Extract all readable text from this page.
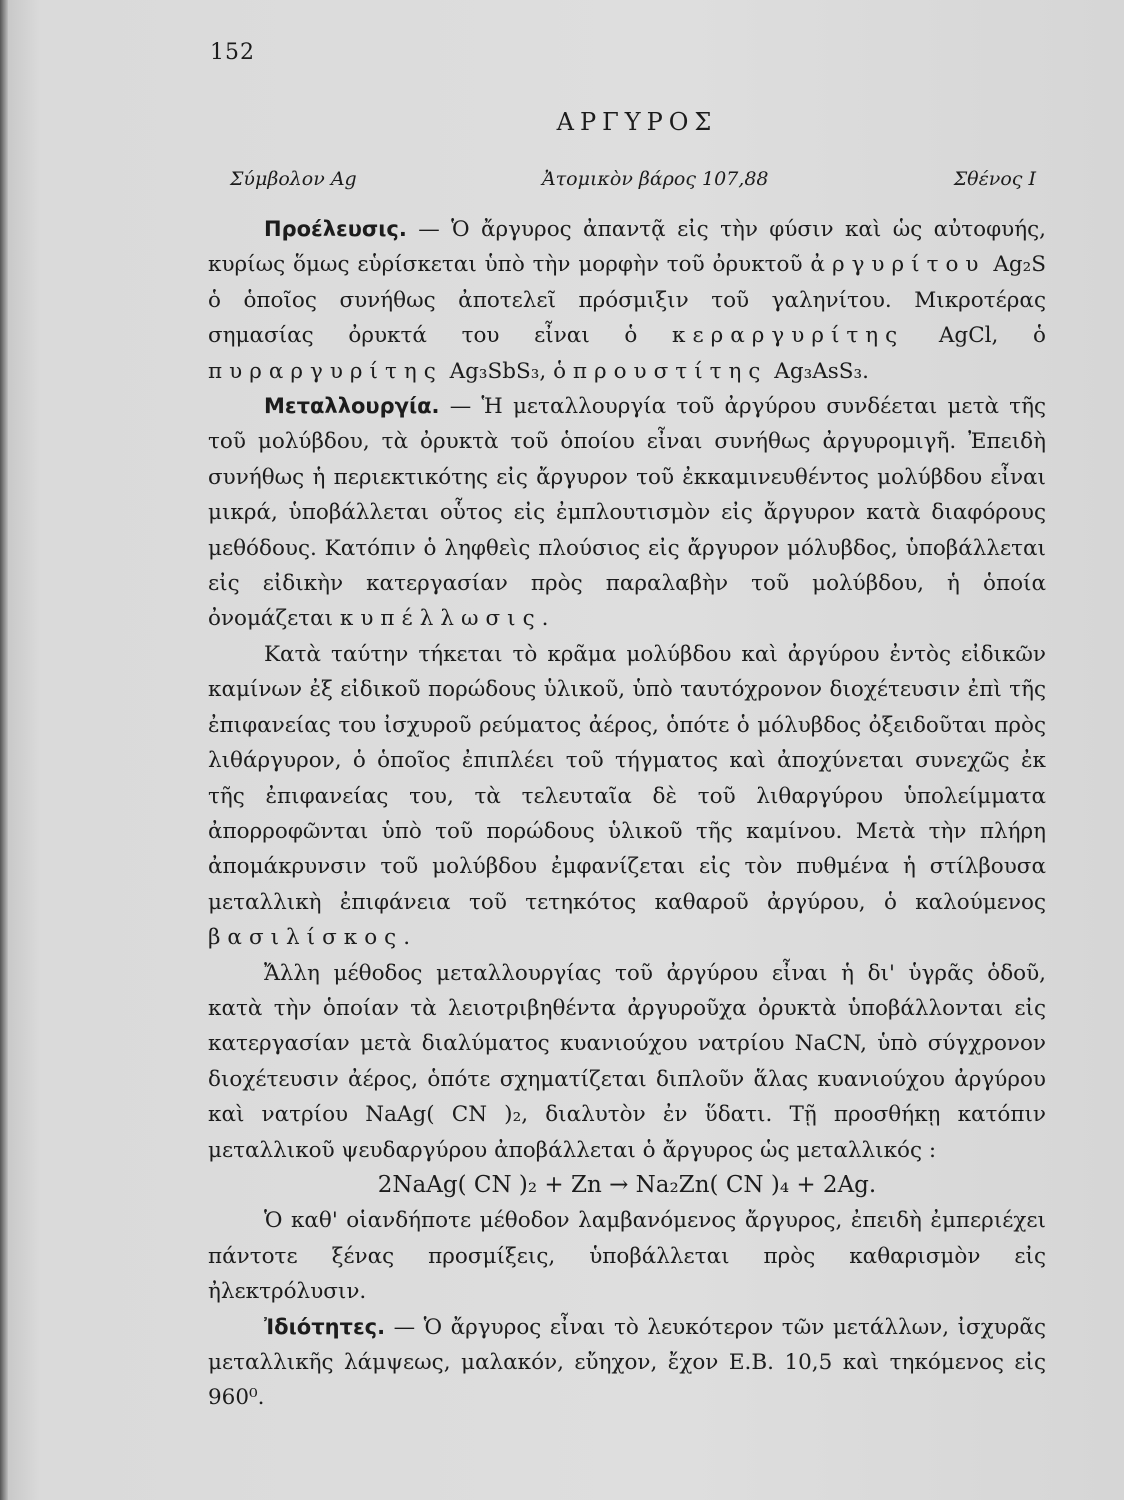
152
ΑΡΓΥΡΟΣ
Σύμβολον Ag	Ἀτομικὸν βάρος 107,88	Σθένος I

Προέλευσις. — Ὁ ἄργυρος ἀπαντᾷ εἰς τὴν φύσιν καὶ ὡς αὐτοφυής, κυρίως ὅμως εὑρίσκεται ὑπὸ τὴν μορφὴν τοῦ ὀρυκτοῦ ἀργυρίτου Ag₂S ὁ ὁποῖος συνήθως ἀποτελεῖ πρόσμιξιν τοῦ γαληνίτου. Μικροτέρας σημασίας ὀρυκτά του εἶναι ὁ κεραργυρίτης AgCl, ὁ πυραργυρίτης Ag₃SbS₃, ὁ προυστίτης Ag₃AsS₃.

Μεταλλουργία. — Ἡ μεταλλουργία τοῦ ἀργύρου συνδέεται μετὰ τῆς τοῦ μολύβδου, τὰ ὀρυκτὰ τοῦ ὁποίου εἶναι συνήθως ἀργυρομιγῆ. Ἐπειδὴ συνήθως ἡ περιεκτικότης εἰς ἄργυρον τοῦ ἐκκαμινευθέντος μολύβδου εἶναι μικρά, ὑποβάλλεται οὗτος εἰς ἐμπλουτισμὸν εἰς ἄργυρον κατὰ διαφόρους μεθόδους. Κατόπιν ὁ ληφθεὶς πλούσιος εἰς ἄργυρον μόλυβδος, ὑποβάλλεται εἰς εἰδικὴν κατεργασίαν πρὸς παραλαβὴν τοῦ μολύβδου, ἡ ὁποία ὀνομάζεται κυπέλλωσις.

Κατὰ ταύτην τήκεται τὸ κρᾶμα μολύβδου καὶ ἀργύρου ἐντὸς εἰδικῶν καμίνων ἐξ εἰδικοῦ πορώδους ὑλικοῦ, ὑπὸ ταυτόχρονον διοχέτευσιν ἐπὶ τῆς ἐπιφανείας του ἰσχυροῦ ρεύματος ἀέρος, ὁπότε ὁ μόλυβδος ὀξειδοῦται πρὸς λιθάργυρον, ὁ ὁποῖος ἐπιπλέει τοῦ τήγματος καὶ ἀποχύνεται συνεχῶς ἐκ τῆς ἐπιφανείας του, τὰ τελευταῖα δὲ τοῦ λιθαργύρου ὑπολείμματα ἀπορροφῶνται ὑπὸ τοῦ πορώδους ὑλικοῦ τῆς καμίνου. Μετὰ τὴν πλήρη ἀπομάκρυνσιν τοῦ μολύβδου ἐμφανίζεται εἰς τὸν πυθμένα ἡ στίλβουσα μεταλλικὴ ἐπιφάνεια τοῦ τετηκότος καθαροῦ ἀργύρου, ὁ καλούμενος βασιλίσκος.

Ἄλλη μέθοδος μεταλλουργίας τοῦ ἀργύρου εἶναι ἡ δι' ὑγρᾶς ὁδοῦ, κατὰ τὴν ὁποίαν τὰ λειοτριβηθέντα ἀργυροῦχα ὀρυκτὰ ὑποβάλλονται εἰς κατεργασίαν μετὰ διαλύματος κυανιούχου νατρίου NaCN, ὑπὸ σύγχρονον διοχέτευσιν ἀέρος, ὁπότε σχηματίζεται διπλοῦν ἅλας κυανιούχου ἀργύρου καὶ νατρίου NaAg( CN )₂, διαλυτὸν ἐν ὕδατι. Τῇ προσθήκῃ κατόπιν μεταλλικοῦ ψευδαργύρου ἀποβάλλεται ὁ ἄργυρος ὡς μεταλλικός :

2NaAg( CN )₂ + Zn → Na₂Zn( CN )₄ + 2Ag.

Ὁ καθ' οἱανδήποτε μέθοδον λαμβανόμενος ἄργυρος, ἐπειδὴ ἐμπεριέχει πάντοτε ξένας προσμίξεις, ὑποβάλλεται πρὸς καθαρισμὸν εἰς ἠλεκτρόλυσιν.

Ἰδιότητες. — Ὁ ἄργυρος εἶναι τὸ λευκότερον τῶν μετάλλων, ἰσχυρᾶς μεταλλικῆς λάμψεως, μαλακόν, εὔηχον, ἔχον Ε.Β. 10,5 καὶ τηκόμενος εἰς 960⁰.
